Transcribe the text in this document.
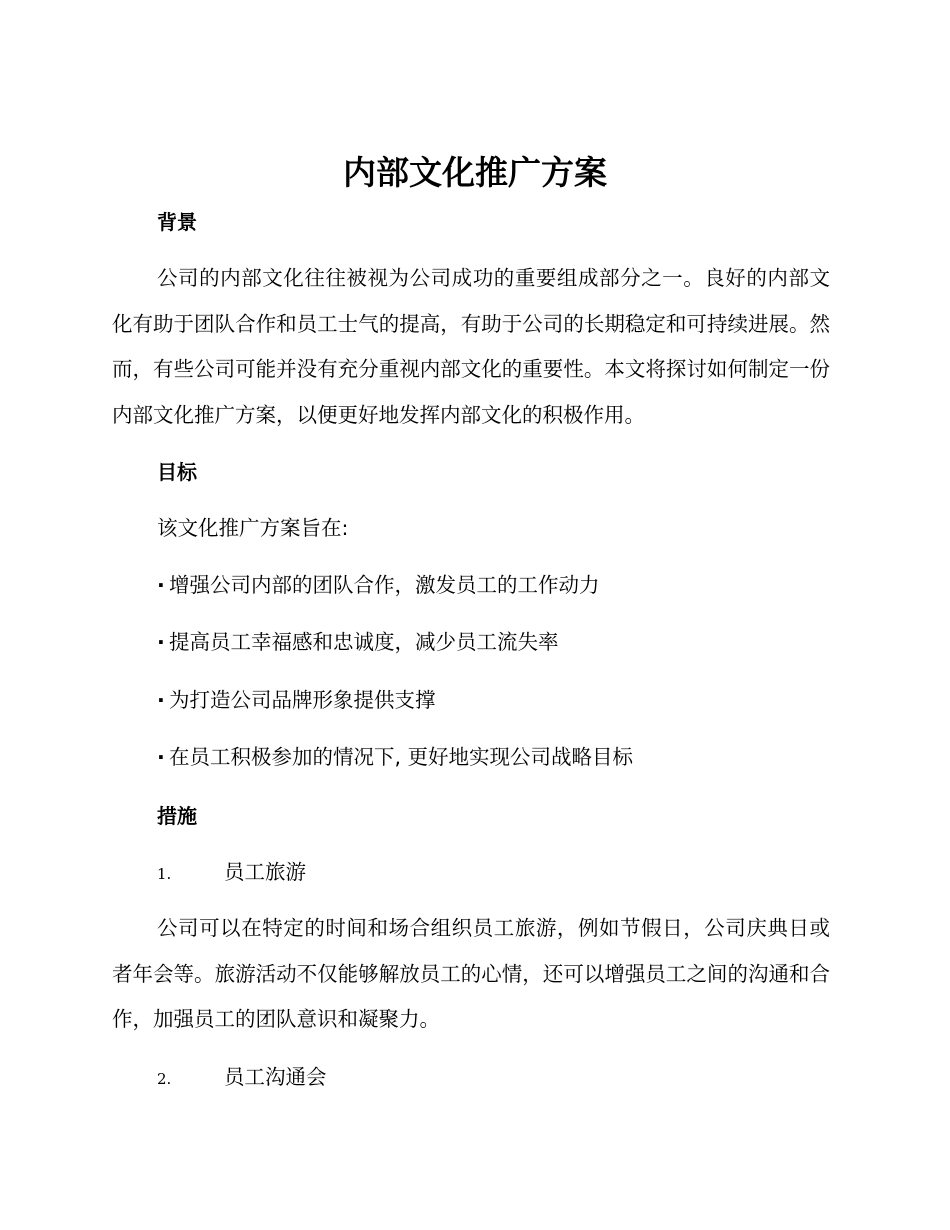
内部文化推广方案
背景

公司的内部文化往往被视为公司成功的重要组成部分之一。良好的内部文化有助于团队合作和员工士气的提高，有助于公司的长期稳定和可持续进展。然而，有些公司可能并没有充分重视内部文化的重要性。本文将探讨如何制定一份内部文化推广方案，以便更好地发挥内部文化的积极作用。

目标

该文化推广方案旨在:

· 增强公司内部的团队合作，激发员工的工作动力

· 提高员工幸福感和忠诚度，减少员工流失率

· 为打造公司品牌形象提供支撑

· 在员工积极参加的情况下, 更好地实现公司战略目标

措施

1.	员工旅游

公司可以在特定的时间和场合组织员工旅游，例如节假日，公司庆典日或者年会等。旅游活动不仅能够解放员工的心情，还可以增强员工之间的沟通和合作，加强员工的团队意识和凝聚力。

2.	员工沟通会
